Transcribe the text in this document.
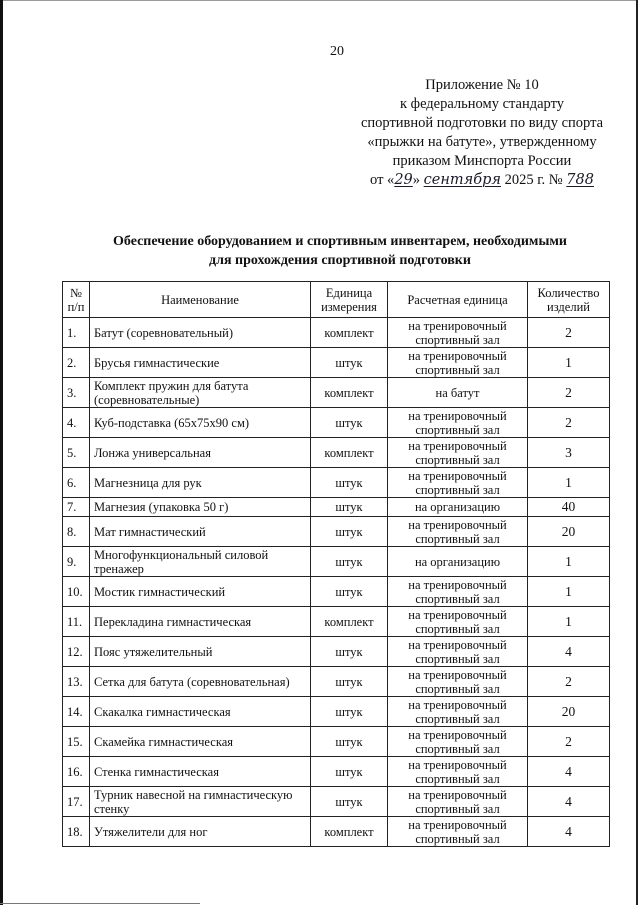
20
Приложение № 10
к федеральному стандарту
спортивной подготовки по виду спорта
«прыжки на батуте», утвержденному
приказом Минспорта России
от «29» сентября 2025 г. № 788
Обеспечение оборудованием и спортивным инвентарем, необходимыми
для прохождения спортивной подготовки
№ п/п	Наименование	Единица измерения	Расчетная единица	Количество изделий
1.	Батут (соревновательный)	комплект	на тренировочный спортивный зал	2
2.	Брусья гимнастические	штук	на тренировочный спортивный зал	1
3.	Комплект пружин для батута (соревновательные)	комплект	на батут	2
4.	Куб-подставка (65х75х90 см)	штук	на тренировочный спортивный зал	2
5.	Лонжа универсальная	комплект	на тренировочный спортивный зал	3
6.	Магнезница для рук	штук	на тренировочный спортивный зал	1
7.	Магнезия (упаковка 50 г)	штук	на организацию	40
8.	Мат гимнастический	штук	на тренировочный спортивный зал	20
9.	Многофункциональный силовой тренажер	штук	на организацию	1
10.	Мостик гимнастический	штук	на тренировочный спортивный зал	1
11.	Перекладина гимнастическая	комплект	на тренировочный спортивный зал	1
12.	Пояс утяжелительный	штук	на тренировочный спортивный зал	4
13.	Сетка для батута (соревновательная)	штук	на тренировочный спортивный зал	2
14.	Скакалка гимнастическая	штук	на тренировочный спортивный зал	20
15.	Скамейка гимнастическая	штук	на тренировочный спортивный зал	2
16.	Стенка гимнастическая	штук	на тренировочный спортивный зал	4
17.	Турник навесной на гимнастическую стенку	штук	на тренировочный спортивный зал	4
18.	Утяжелители для ног	комплект	на тренировочный спортивный зал	4
